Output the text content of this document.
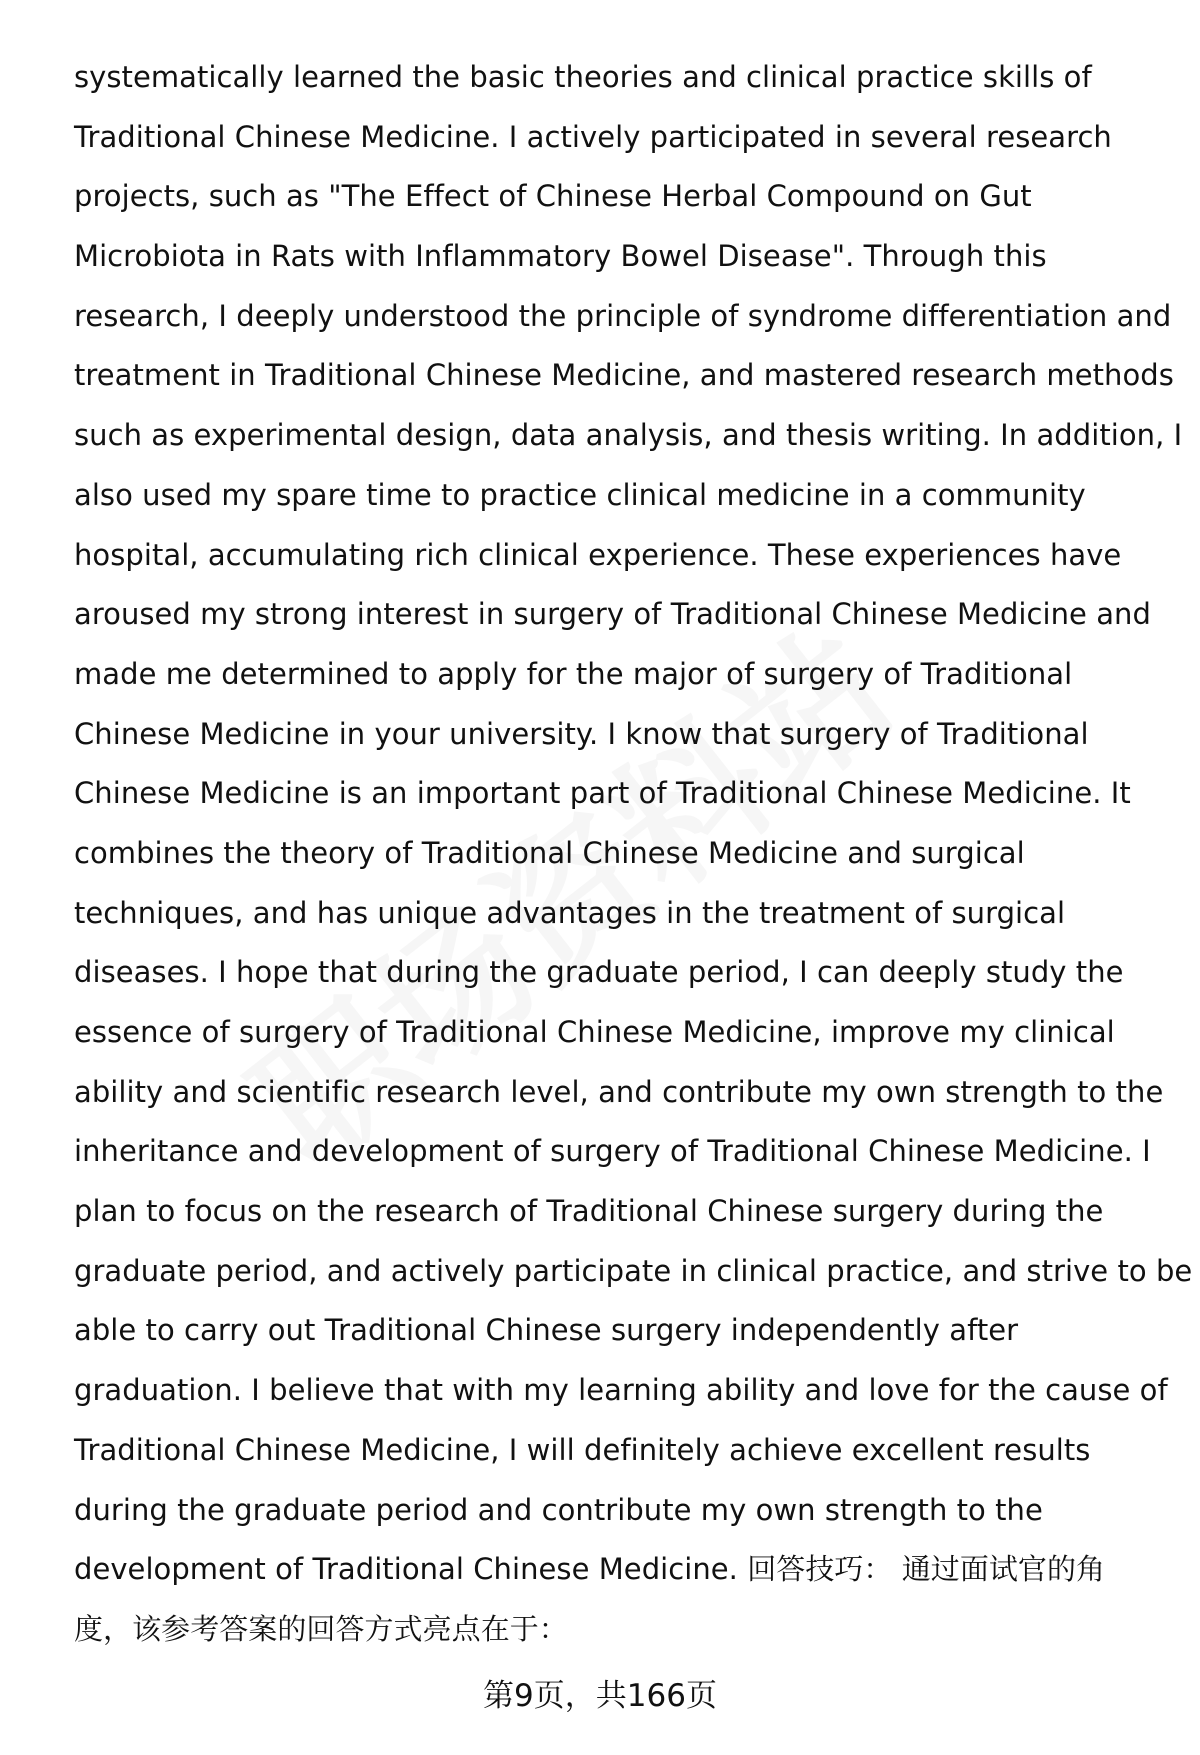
systematically learned the basic theories and clinical practice skills of
Traditional Chinese Medicine. I actively participated in several research
projects, such as "The Effect of Chinese Herbal Compound on Gut
Microbiota in Rats with Inflammatory Bowel Disease". Through this
research, I deeply understood the principle of syndrome differentiation and
treatment in Traditional Chinese Medicine, and mastered research methods
such as experimental design, data analysis, and thesis writing. In addition, I
also used my spare time to practice clinical medicine in a community
hospital, accumulating rich clinical experience. These experiences have
aroused my strong interest in surgery of Traditional Chinese Medicine and
made me determined to apply for the major of surgery of Traditional
Chinese Medicine in your university. I know that surgery of Traditional
Chinese Medicine is an important part of Traditional Chinese Medicine. It
combines the theory of Traditional Chinese Medicine and surgical
techniques, and has unique advantages in the treatment of surgical
diseases. I hope that during the graduate period, I can deeply study the
essence of surgery of Traditional Chinese Medicine, improve my clinical
ability and scientific research level, and contribute my own strength to the
inheritance and development of surgery of Traditional Chinese Medicine. I
plan to focus on the research of Traditional Chinese surgery during the
graduate period, and actively participate in clinical practice, and strive to be
able to carry out Traditional Chinese surgery independently after
graduation. I believe that with my learning ability and love for the cause of
Traditional Chinese Medicine, I will definitely achieve excellent results
during the graduate period and contribute my own strength to the
development of Traditional Chinese Medicine. 回答技巧： 通过面试官的角
度，该参考答案的回答方式亮点在于：
第9页，共166页
